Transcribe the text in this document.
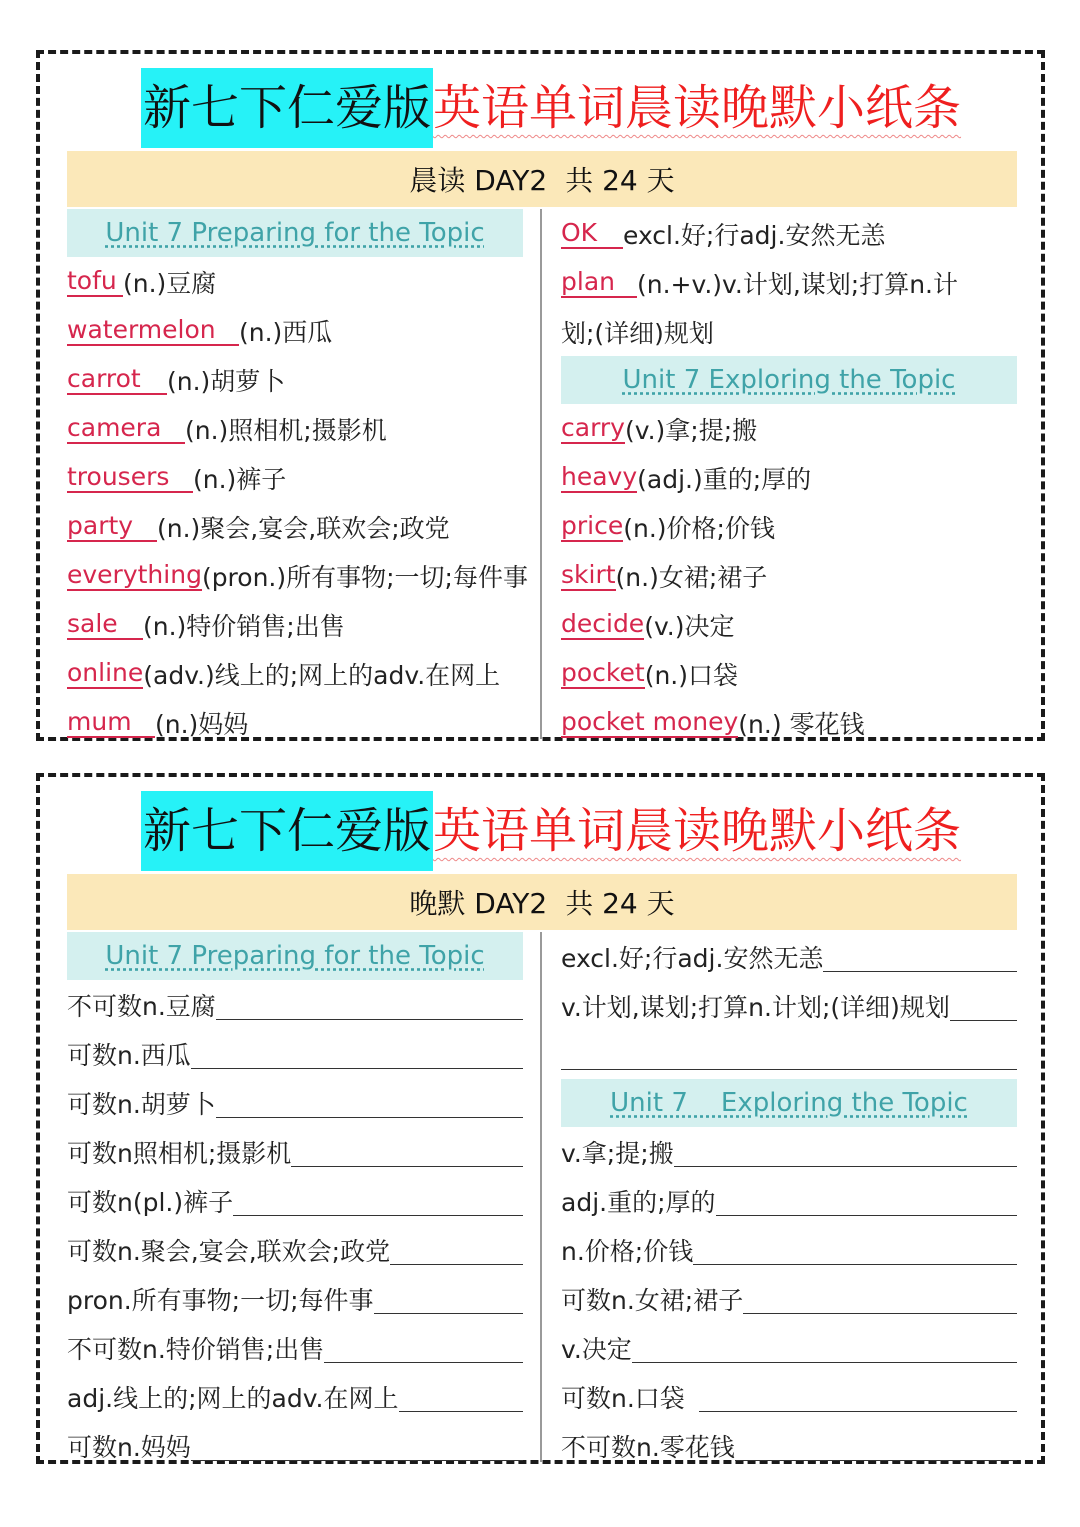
新七下仁爱版 英语单词晨读晚默小纸条
晨读 DAY2 共 24 天
Unit 7 Preparing for the Topic
tofu (n.)豆腐
watermelon (n.)西瓜
carrot	(n.)胡萝卜
camera (n.)照相机;摄影机
trousers (n.)裤子
party (n.)聚会,宴会,联欢会;政党
everything (pron.)所有事物;一切;每件事
sale	(n.)特价销售;出售
online (adv.)线上的;网上的adv.在网上
mum (n.)妈妈
OK	excl.好;行adj.安然无恙
plan (n.+v.)v.计划,谋划;打算n.计
划;(详细)规划
Unit 7 Exploring the Topic
carry (v.)拿;提;搬
heavy (adj.)重的;厚的
price (n.)价格;价钱
skirt (n.)女裙;裙子
decide (v.)决定
pocket (n.)口袋
pocket money (n.) 零花钱
新七下仁爱版 英语单词晨读晚默小纸条
晚默 DAY2 共 24 天
Unit 7 Preparing for the Topic
不可数n.豆腐
可数n.西瓜
可数n.胡萝卜
可数n照相机;摄影机
可数n(pl.)裤子
可数n.聚会,宴会,联欢会;政党
pron.所有事物;一切;每件事
不可数n.特价销售;出售
adj.线上的;网上的adv.在网上
可数n.妈妈
excl.好;行adj.安然无恙
v.计划,谋划;打算n.计划;(详细)规划
Unit 7    Exploring the Topic
v.拿;提;搬
adj.重的;厚的
n.价格;价钱
可数n.女裙;裙子
v.决定
可数n.口袋
不可数n.零花钱
